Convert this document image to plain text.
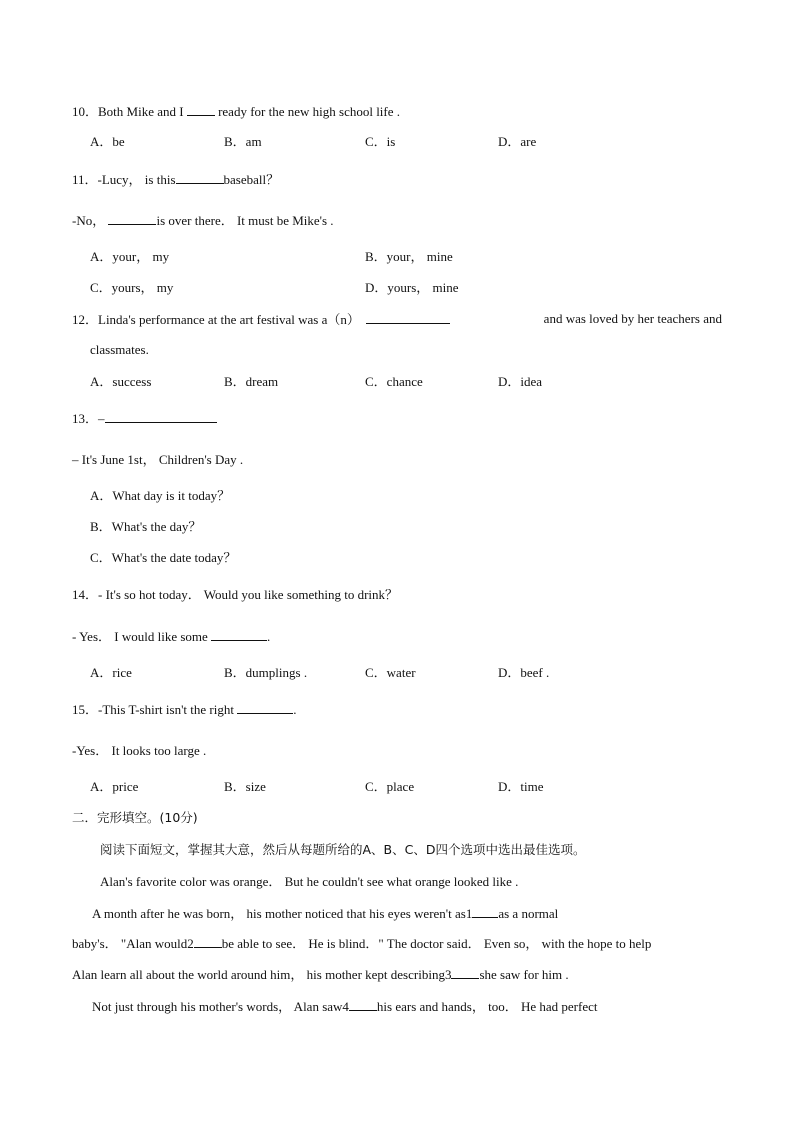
10．Both Mike and I  ready for the new high school life .
A．be	B．am	C．is	D．are
11．-Lucy， is this	baseball？
-No，	is over there． It must be Mike's .
A．your， my	B．your， mine
C．yours， my	D．yours， mine
12．Linda's performance at the art festival was a（n）	and was loved by her teachers and
classmates.
A．success	B．dream	C．chance	D．idea
13．–
– It's June 1st， Children's Day .
A．What day is it today？
B．What's the day？
C．What's the date today？
14．- It's so hot today． Would you like something to drink？
- Yes． I would like some	.
A．rice	B．dumplings .	C．water	D．beef .
15．-This T-shirt isn't the right	.
-Yes． It looks too large .
A．price	B．size	C．place	D．time
二．完形填空。(10分)
阅读下面短文，掌握其大意，然后从每题所给的A、B、C、D四个选项中选出最佳选项。
Alan's favorite color was orange． But he couldn't see what orange looked like .
A month after he was born， his mother noticed that his eyes weren't as1 as a normal
baby's． "Alan would2 be able to see． He is blind．" The doctor said． Even so， with the hope to help
Alan learn all about the world around him， his mother kept describing3 she saw for him .
Not just through his mother's words， Alan saw4 his ears and hands， too． He had perfect
